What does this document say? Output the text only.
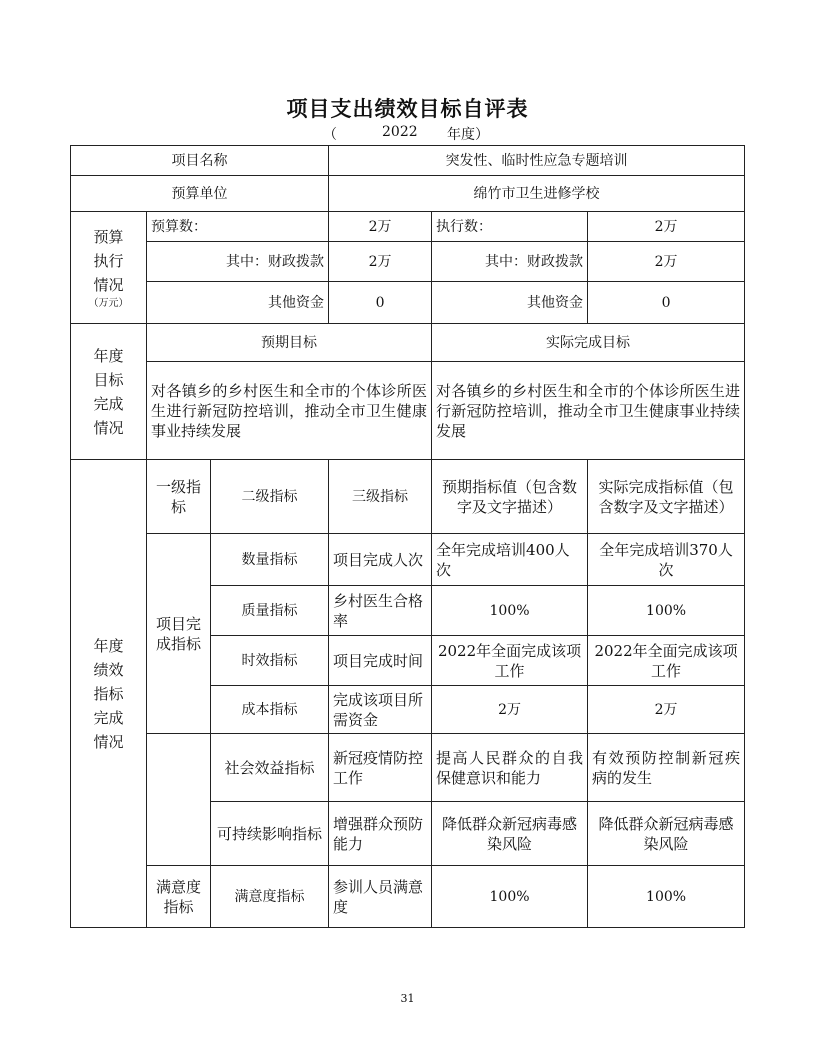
项目支出绩效目标自评表
（	2022 年度）
项目名称			突发性、临时性应急专题培训		
预算单位			绵竹市卫生进修学校		

预算执行情况
（万元）	预算数：		2万	执行数：	2万
	其中：财政拨款		2万	其中：财政拨款	2万
	其他资金		0	其他资金	0

年度目标完成情况	预期目标			实际完成目标	
	对各镇乡的乡村医生和全市的个体诊所医生进行新冠防控培训，推动全市卫生健康事业持续发展			对各镇乡的乡村医生和全市的个体诊所医生进行新冠防控培训，推动全市卫生健康事业持续发展	

年度绩效指标完成情况	一级指标	二级指标	三级指标	预期指标值（包含数字及文字描述）	实际完成指标值（包含数字及文字描述）
	项目完成指标	数量指标	项目完成人次	全年完成培训400人次	全年完成培训370人次
		质量指标	乡村医生合格率	100%	100%
		时效指标	项目完成时间	2022年全面完成该项工作	2022年全面完成该项工作
		成本指标	完成该项目所需资金	2万	2万
		社会效益指标	新冠疫情防控工作	提高人民群众的自我保健意识和能力	有效预防控制新冠疾病的发生
		可持续影响指标	增强群众预防能力	降低群众新冠病毒感染风险	降低群众新冠病毒感染风险
	满意度指标	满意度指标	参训人员满意度	100%	100%
31
